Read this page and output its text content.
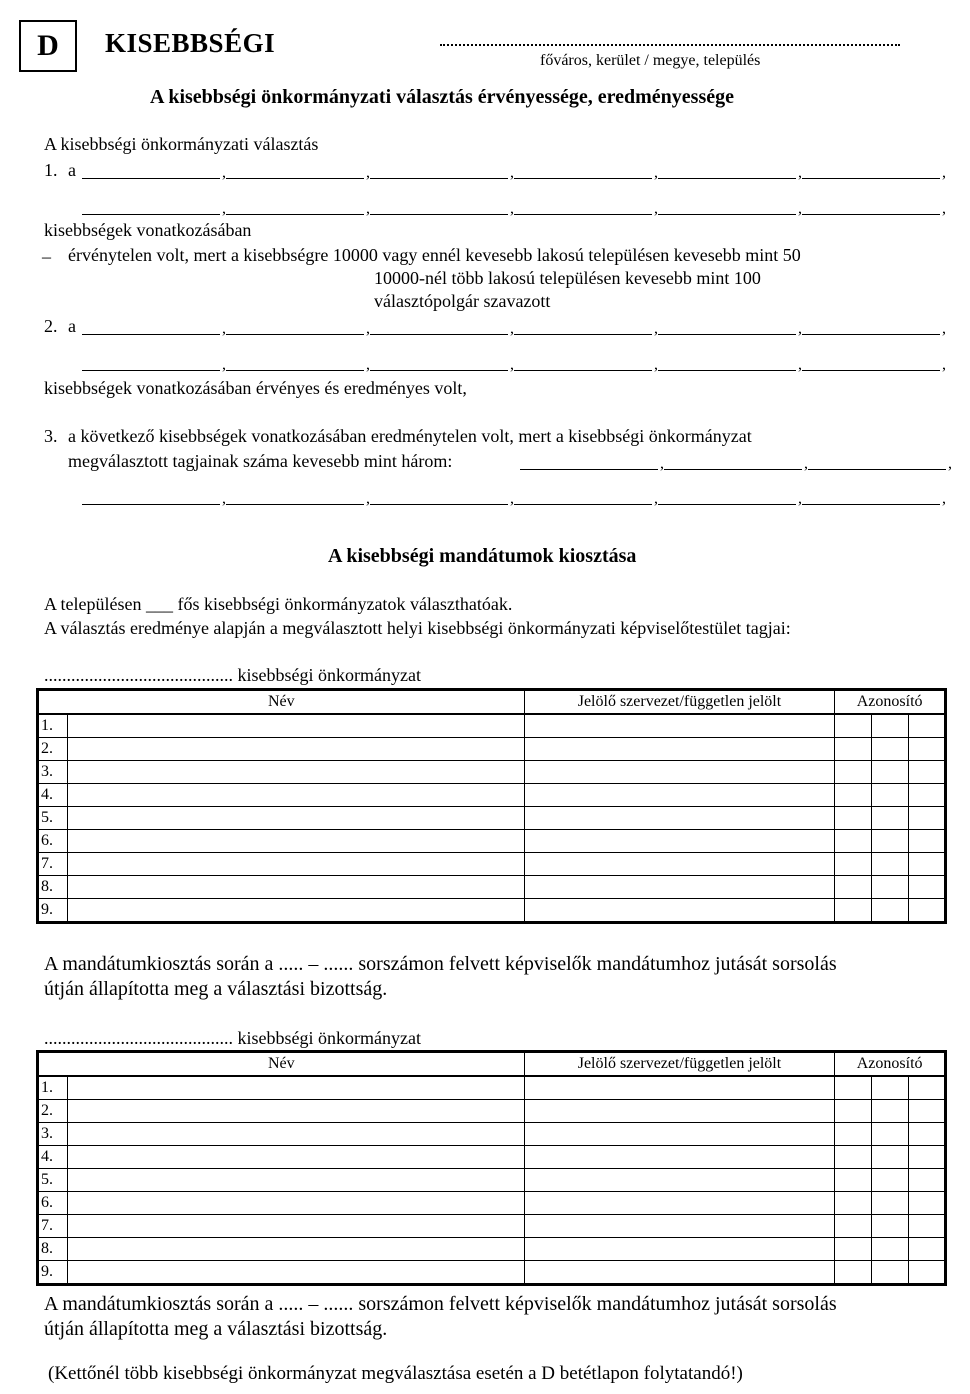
D	KISEBBSÉGI
főváros, kerület / megye, település
A kisebbségi önkormányzati választás érvényessége, eredményessége
A kisebbségi önkormányzati választás
1. a
,
,
,
,
,
,
,
,
,
,
,
,
kisebbségek vonatkozásában
_ érvénytelen volt, mert a kisebbségre 10000 vagy ennél kevesebb lakosú településen kevesebb mint 50
10000-nél több lakosú településen kevesebb mint 100
választópolgár szavazott
2. a
,
,
,
,
,
,
,
,
,
,
,
,
kisebbségek vonatkozásában érvényes és eredményes volt,
3. a következő kisebbségek vonatkozásában eredménytelen volt, mert a kisebbségi önkormányzat
megválasztott tagjainak száma kevesebb mint három:
,
,
,
,
,
,
,
,
,
A kisebbségi mandátumok kiosztása
A településen ___ fős kisebbségi önkormányzatok választhatóak.
A választás eredménye alapján a megválasztott helyi kisebbségi önkormányzati képviselőtestület tagjai:
.......................................... kisebbségi önkormányzat
Név		Jelölő szervezet/független jelölt	Azonosító		
1.					
2.					
3.					
4.					
5.					
6.					
7.					
8.					
9.					
A mandátumkiosztás során a ..... – ...... sorszámon felvett képviselők mandátumhoz jutását sorsolás
útján állapította meg a választási bizottság.
.......................................... kisebbségi önkormányzat
Név		Jelölő szervezet/független jelölt	Azonosító		
1.					
2.					
3.					
4.					
5.					
6.					
7.					
8.					
9.					
A mandátumkiosztás során a ..... – ...... sorszámon felvett képviselők mandátumhoz jutását sorsolás
útján állapította meg a választási bizottság.
(Kettőnél több kisebbségi önkormányzat megválasztása esetén a D betétlapon folytatandó!)
